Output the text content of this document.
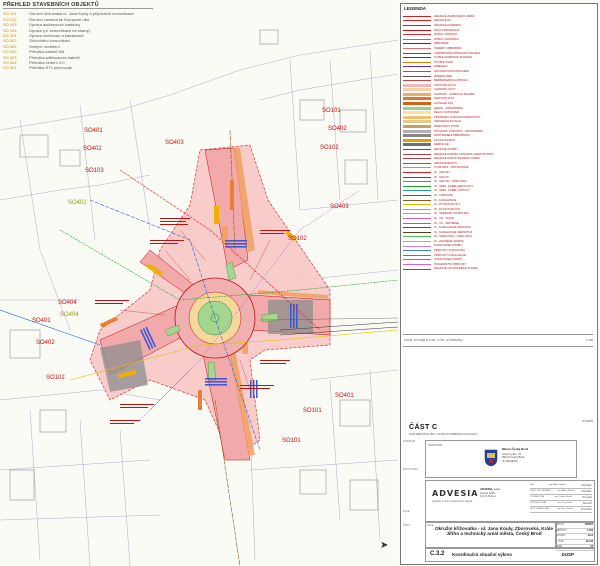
PŘEHLED STAVEBNÍCH OBJEKTŮ
SO 101	Okružní křižovatka ul. Jana Kouly a příjezdové komunikace
SO 102	Okružní ramena ke Kroupově ulici
SO 103	Úprava autobusové zastávky
SO 104	Úprava (ul. komunikace na strany)
SO 301	Úprava vodovodu a kanalizace
SO 302	Odvodnění komunikací
SO 401	Veřejné osvětlení
SO 402	Přeložka kabelů NN
SO 403	Přeložka sdělovacích kabelů
SO 404	Přeložka vedení VO
SO 501	Přeložka STL plynovodu
SO101
SO402
SO401
SO402
SO403
SO103
SO102
SO102
SO403
SO401
SO402
SO404
SO102
SO401
SO101
SO101
SO402
SO404
➤
LEGENDA
HRANICE ZÁJMOVÉHO ÚZEMÍ
HRANICE KÚ
HRANICE POZEMKŮ
OSA KOMUNIKACE
OKRAJ VOZOVKY
OKRAJ CHODNÍKU
OBRUBNÍK
SNÍŽENÝ OBRUBNÍK
VODOROVNÉ DOPRAVNÍ ZNAČENÍ
SVISLÉ DOPRAVNÍ ZNAČENÍ
STOPNÍ ČÁRA
ZÁBRADLÍ
ODVODŇOVACÍ PROUŽEK
OPĚRNÁ ZEĎ
BEZBARIÉROVÁ ÚPRAVA
VOZOVKA NOVÁ
CHODNÍK NOVÝ
CHODNÍK - ZÁMKOVÁ DLAŽBA
VAROVNÝ PÁS
SIGNÁLNÍ PÁS
ZELEŇ - ZATRAVNĚNÍ
DĚLICÍ OSTRŮVEK
PRSTENEC OKRUŽNÍ KŘIŽOVATKY
ZPEVNĚNÁ PLOCHA
PARKOVACÍ STÁNÍ
STÁVAJÍCÍ VOZOVKA - ODSTRANĚNÍ
ODSTRANĚNÍ OBRUBNÍKŮ
ZASTÁVKA BUS
DEMOLICE
HRANICE STAVBY
HRANICE PARCEL KATASTRU NEMOVITOSTÍ
HRANICE KATASTRÁLNÍHO ÚZEMÍ
HRANICE BUDOV
VÝŠKOPIS - VRSTEVNICE
IS - ČEZ NN
IS - ČEZ VN
IS - ČEZ NN - PŘELOŽKA
IS - SDĚL. KABEL METALICKÝ
IS - SDĚL. KABEL OPTICKÝ
IS - VODOVOD
IS - KANALIZACE
IS - PLYNOVOD STL
IS - PLYNOVOD NTL
IS - VEŘEJNÉ OSVĚTLENÍ
IS - VO - NOVÉ
IS - VO - ZRUŠENÉ
IS - KANALIZACE DEŠŤOVÁ
IS - KANALIZACE JEDNOTNÁ
IS - SDĚLOVACÍ - PŘELOŽKA
IS - ZRUŠENÉ VEDENÍ
PLÁNOVANÉ STAVBY
PŘÍPOJKY VODOVODU
PŘÍPOJKY KANALIZACE
UVAŽOVANÉ STAVBY
STAVENIŠTNÍ PŘÍPOJKY
HRANICE OCHRANNÉHO PÁSMA
SOUŘ. SYSTÉM S-JTSK, VÝŠK. SYSTÉM Bpv	1:500
ČÁST C
DOKUMENTACE PRO VYDÁNÍ STAVEBNÍHO POVOLENÍ
STUPEŇ
INVESTOR
ZHOTOVITEL
AKCE
ČÍSLO
INVESTOR
Město Český Brod
Husovo nám. 70
282 01 Český Brod
IČ: 00235334
ADVESIA
projekty a řízení dopravních staveb
ADVESIA, s.r.o.
Karlova 123/5
110 00 Praha 1
HIP	Ing. Adam Něměc	Něměc
ZODP. PROJEKTANT	Ing. Adam Něměc Něměc
VYPRACOVAL	Ing. Tomáš Novák	Novák
KONTROLOVAL	Ing. Jan Kovář	Kovář
SPOLUPRACOVAL	Ing. Petr Dvořák	Dvořák
AKCE
Okružní křižovatka - ul. Jana Kouly, Zborovská, Krále Jiřího a technický areál města, Český Brod
DATUM	05/2022
MĚŘÍTKO	1:500
FORMÁT	4xA4
Č. ZAK.	22-016
PARÉ	00
C.3.2 Koordinační situační výkres	DUSP
